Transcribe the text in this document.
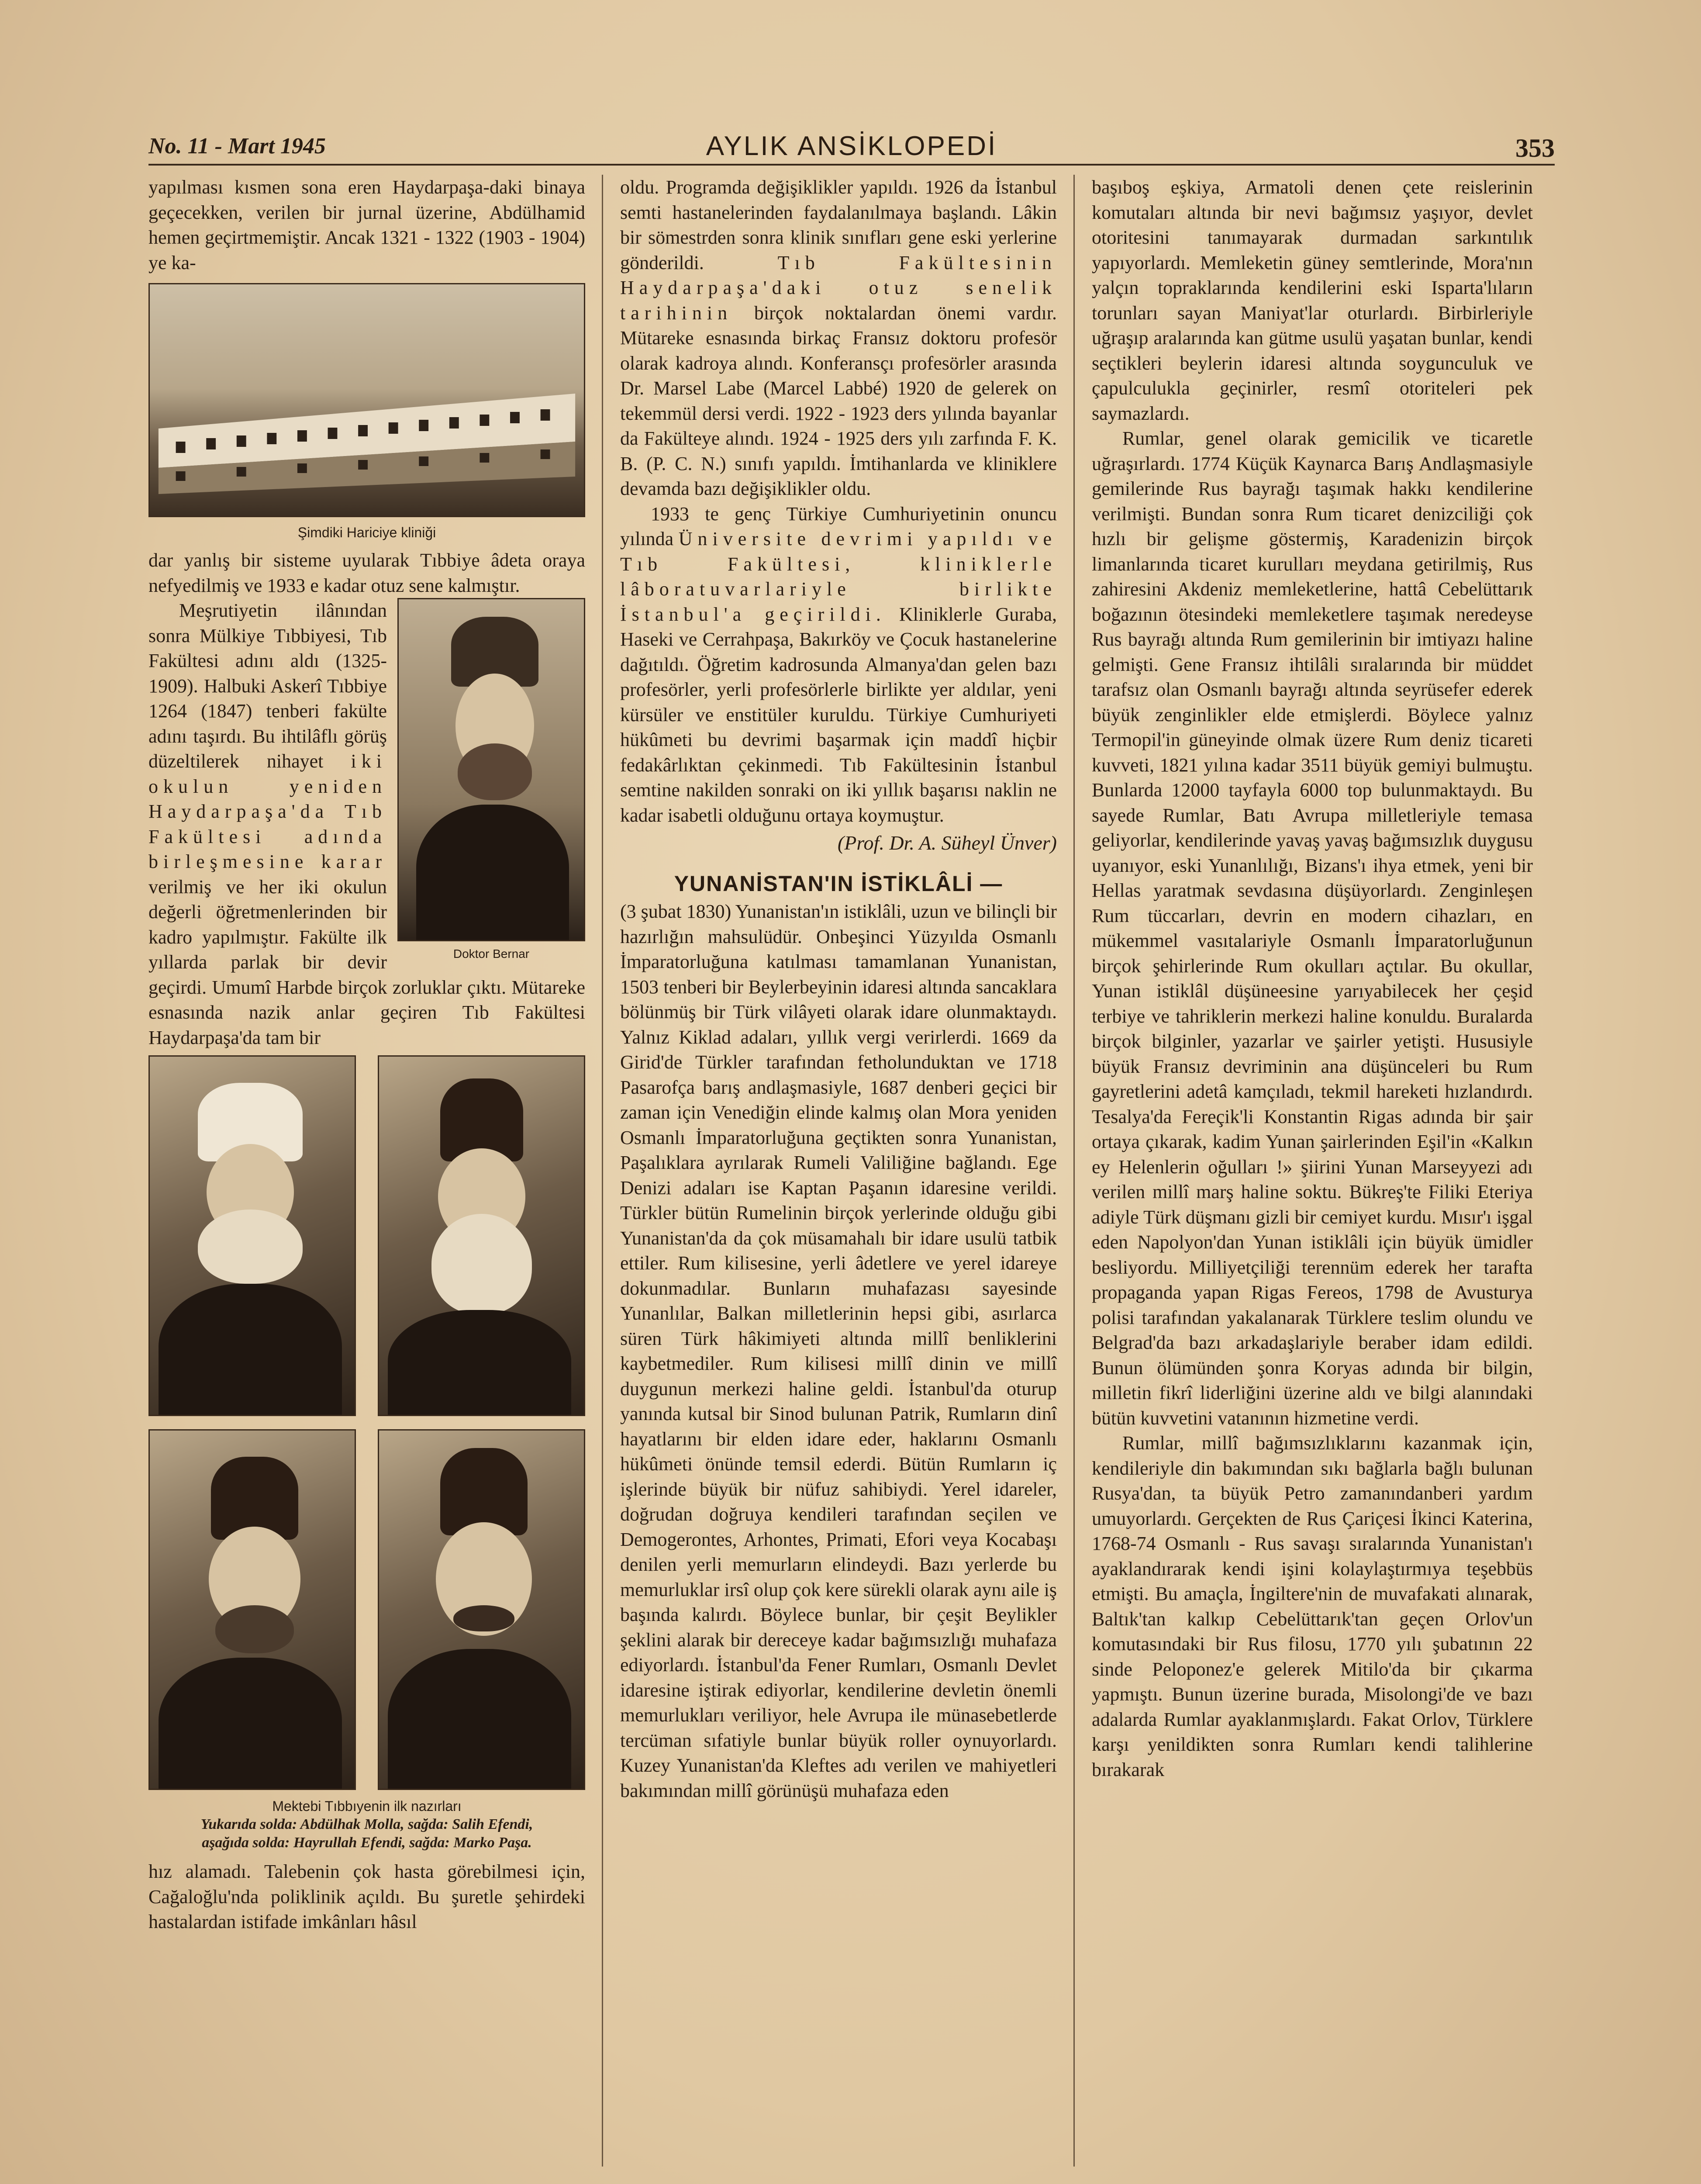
No. 11 - Mart 1945	AYLIK ANSİKLOPEDİ	353

yapılması kısmen sona eren Haydarpaşa-daki binaya geçecekken, verilen bir jurnal üzerine, Abdülhamid hemen geçirtmemiştir. Ancak 1321 - 1322 (1903 - 1904) ye ka-

Şimdiki Hariciye kliniği

dar yanlış bir sisteme uyularak Tıbbiye âdeta oraya nefyedilmiş ve 1933 e kadar otuz sene kalmıştır.

Doktor Bernar

Meşrutiyetin ilânından sonra Mülkiye Tıbbiyesi, Tıb Fakültesi adını aldı (1325-1909). Halbuki Askerî Tıbbiye 1264 (1847) tenberi fakülte adını taşırdı. Bu ihtilâflı görüş düzeltilerek nihayet iki okulun yeniden Haydarpaşa'da Tıb Fakültesi adında birleşmesine karar verilmiş ve her iki okulun değerli öğretmenlerinden bir kadro yapılmıştır. Fakülte ilk yıllarda parlak bir devir geçirdi. Umumî Harbde birçok zorluklar çıktı. Mütareke esnasında nazik anlar geçiren Tıb Fakültesi Haydarpaşa'da tam bir

Mektebi Tıbbıyenin ilk nazırları
Yukarıda solda: Abdülhak Molla, sağda: Salih Efendi,
aşağıda solda: Hayrullah Efendi, sağda: Marko Paşa.

hız alamadı. Talebenin çok hasta görebilmesi için, Cağaloğlu'nda poliklinik açıldı. Bu şuretle şehirdeki hastalardan istifade imkânları hâsıl

oldu. Programda değişiklikler yapıldı. 1926 da İstanbul semti hastanelerinden faydalanılmaya başlandı. Lâkin bir sömestrden sonra klinik sınıfları gene eski yerlerine gönderildi. Tıb Fakültesinin Haydarpaşa'daki otuz senelik tarihinin birçok noktalardan önemi vardır. Mütareke esnasında birkaç Fransız doktoru profesör olarak kadroya alındı. Konferansçı profesörler arasında Dr. Marsel Labe (Marcel Labbé) 1920 de gelerek on tekemmül dersi verdi. 1922 - 1923 ders yılında bayanlar da Fakülteye alındı. 1924 - 1925 ders yılı zarfında F. K. B. (P. C. N.) sınıfı yapıldı. İmtihanlarda ve kliniklere devamda bazı değişiklikler oldu.

1933 te genç Türkiye Cumhuriyetinin onuncu yılında Üniversite devrimi yapıldı ve Tıb Fakültesi, kliniklerle lâboratuvarlariyle birlikte İstanbul'a geçirildi. Kliniklerle Guraba, Haseki ve Cerrahpaşa, Bakırköy ve Çocuk hastanelerine dağıtıldı. Öğretim kadrosunda Almanya'dan gelen bazı profesörler, yerli profesörlerle birlikte yer aldılar, yeni kürsüler ve enstitüler kuruldu. Türkiye Cumhuriyeti hükûmeti bu devrimi başarmak için maddî hiçbir fedakârlıktan çekinmedi. Tıb Fakültesinin İstanbul semtine nakilden sonraki on iki yıllık başarısı naklin ne kadar isabetli olduğunu ortaya koymuştur.

(Prof. Dr. A. Süheyl Ünver)
YUNANİSTAN'IN İSTİKLÂLİ —

(3 şubat 1830) Yunanistan'ın istiklâli, uzun ve bilinçli bir hazırlığın mahsulüdür. Onbeşinci Yüzyılda Osmanlı İmparatorluğuna katılması tamamlanan Yunanistan, 1503 tenberi bir Beylerbeyinin idaresi altında sancaklara bölünmüş bir Türk vilâyeti olarak idare olunmaktaydı. Yalnız Kiklad adaları, yıllık vergi verirlerdi. 1669 da Girid'de Türkler tarafından fetholunduktan ve 1718 Pasarofça barış andlaşmasiyle, 1687 denberi geçici bir zaman için Venediğin elinde kalmış olan Mora yeniden Osmanlı İmparatorluğuna geçtikten sonra Yunanistan, Paşalıklara ayrılarak Rumeli Valiliğine bağlandı. Ege Denizi adaları ise Kaptan Paşanın idaresine verildi. Türkler bütün Rumelinin birçok yerlerinde olduğu gibi Yunanistan'da da çok müsamahalı bir idare usulü tatbik ettiler. Rum kilisesine, yerli âdetlere ve yerel idareye dokunmadılar. Bunların muhafazası sayesinde Yunanlılar, Balkan milletlerinin hepsi gibi, asırlarca süren Türk hâkimiyeti altında millî benliklerini kaybetmediler. Rum kilisesi millî dinin ve millî duygunun merkezi haline geldi. İstanbul'da oturup yanında kutsal bir Sinod bulunan Patrik, Rumların dinî hayatlarını bir elden idare eder, haklarını Osmanlı hükûmeti önünde temsil ederdi. Bütün Rumların iç işlerinde büyük bir nüfuz sahibiydi. Yerel idareler, doğrudan doğruya kendileri tarafından seçilen ve Demogerontes, Arhontes, Primati, Efori veya Kocabaşı denilen yerli memurların elindeydi. Bazı yerlerde bu memurluklar irsî olup çok kere sürekli olarak aynı aile iş başında kalırdı. Böylece bunlar, bir çeşit Beylikler şeklini alarak bir dereceye kadar bağımsızlığı muhafaza ediyorlardı. İstanbul'da Fener Rumları, Osmanlı Devlet idaresine iştirak ediyorlar, kendilerine devletin önemli memurlukları veriliyor, hele Avrupa ile münasebetlerde tercüman sıfatiyle bunlar büyük roller oynuyorlardı. Kuzey Yunanistan'da Kleftes adı verilen ve mahiyetleri bakımından millî görünüşü muhafaza eden

başıboş eşkiya, Armatoli denen çete reislerinin komutaları altında bir nevi bağımsız yaşıyor, devlet otoritesini tanımayarak durmadan sarkıntılık yapıyorlardı. Memleketin güney semtlerinde, Mora'nın yalçın topraklarında kendilerini eski Isparta'lıların torunları sayan Maniyat'lar oturlardı. Birbirleriyle uğraşıp aralarında kan gütme usulü yaşatan bunlar, kendi seçtikleri beylerin idaresi altında soygunculuk ve çapulculukla geçinirler, resmî otoriteleri pek saymazlardı.

Rumlar, genel olarak gemicilik ve ticaretle uğraşırlardı. 1774 Küçük Kaynarca Barış Andlaşmasiyle gemilerinde Rus bayrağı taşımak hakkı kendilerine verilmişti. Bundan sonra Rum ticaret denizciliği çok hızlı bir gelişme göstermiş, Karadenizin birçok limanlarında ticaret kurulları meydana getirilmiş, Rus zahiresini Akdeniz memleketlerine, hattâ Cebelüttarık boğazının ötesindeki memleketlere taşımak neredeyse Rus bayrağı altında Rum gemilerinin bir imtiyazı haline gelmişti. Gene Fransız ihtilâli sıralarında bir müddet tarafsız olan Osmanlı bayrağı altında seyrüsefer ederek büyük zenginlikler elde etmişlerdi. Böylece yalnız Termopil'in güneyinde olmak üzere Rum deniz ticareti kuvveti, 1821 yılına kadar 3511 büyük gemiyi bulmuştu. Bunlarda 12000 tayfayla 6000 top bulunmaktaydı. Bu sayede Rumlar, Batı Avrupa milletleriyle temasa geliyorlar, kendilerinde yavaş yavaş bağımsızlık duygusu uyanıyor, eski Yunanlılığı, Bizans'ı ihya etmek, yeni bir Hellas yaratmak sevdasına düşüyorlardı. Zenginleşen Rum tüccarları, devrin en modern cihazları, en mükemmel vasıtalariyle Osmanlı İmparatorluğunun birçok şehirlerinde Rum okulları açtılar. Bu okullar, Yunan istiklâl düşüneesine yarıyabilecek her çeşid terbiye ve tahriklerin merkezi haline konuldu. Buralarda birçok bilginler, yazarlar ve şairler yetişti. Hususiyle büyük Fransız devriminin ana düşünceleri bu Rum gayretlerini adetâ kamçıladı, tekmil hareketi hızlandırdı. Tesalya'da Fereçik'li Konstantin Rigas adında bir şair ortaya çıkarak, kadim Yunan şairlerinden Eşil'in «Kalkın ey Helenlerin oğulları !» şiirini Yunan Marseyyezi adı verilen millî marş haline soktu. Bükreş'te Filiki Eteriya adiyle Türk düşmanı gizli bir cemiyet kurdu. Mısır'ı işgal eden Napolyon'dan Yunan istiklâli için büyük ümidler besliyordu. Milliyetçiliği terennüm ederek her tarafta propaganda yapan Rigas Fereos, 1798 de Avusturya polisi tarafından yakalanarak Türklere teslim olundu ve Belgrad'da bazı arkadaşlariyle beraber idam edildi. Bunun ölümünden şonra Koryas adında bir bilgin, milletin fikrî liderliğini üzerine aldı ve bilgi alanındaki bütün kuvvetini vatanının hizmetine verdi.

Rumlar, millî bağımsızlıklarını kazanmak için, kendileriyle din bakımından sıkı bağlarla bağlı bulunan Rusya'dan, ta büyük Petro zamanındanberi yardım umuyorlardı. Gerçekten de Rus Çariçesi İkinci Katerina, 1768-74 Osmanlı - Rus savaşı sıralarında Yunanistan'ı ayaklandırarak kendi işini kolaylaştırmıya teşebbüs etmişti. Bu amaçla, İngiltere'nin de muvafakati alınarak, Baltık'tan kalkıp Cebelüttarık'tan geçen Orlov'un komutasındaki bir Rus filosu, 1770 yılı şubatının 22 sinde Peloponez'e gelerek Mitilo'da bir çıkarma yapmıştı. Bunun üzerine burada, Misolongi'de ve bazı adalarda Rumlar ayaklanmışlardı. Fakat Orlov, Türklere karşı yenildikten sonra Rumları kendi talihlerine bırakarak
